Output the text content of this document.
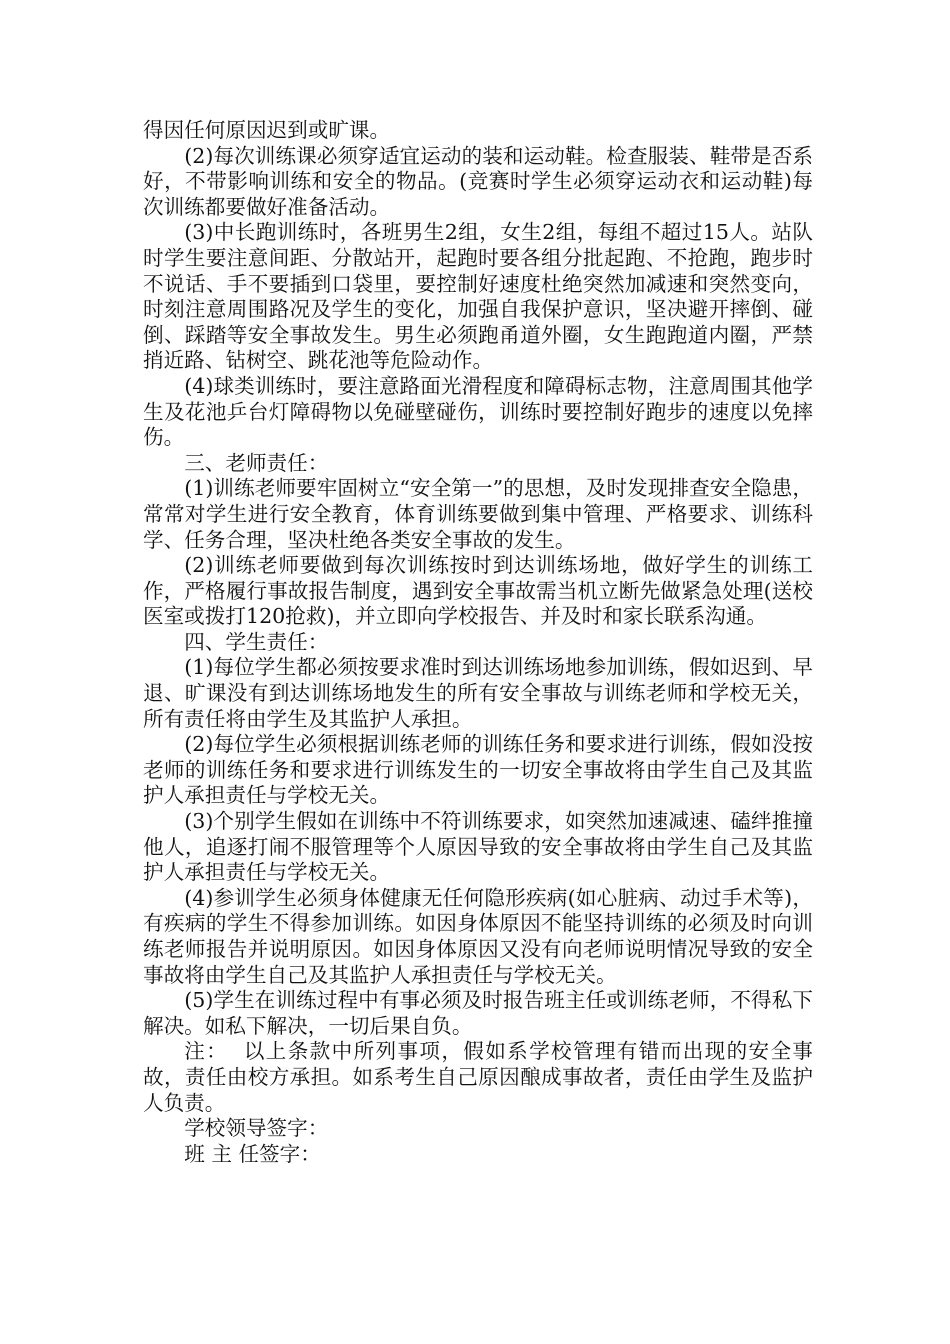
得因任何原因迟到或旷课。

(2)每次训练课必须穿适宜运动的装和运动鞋。检查服装、鞋带是否系好，不带影响训练和安全的物品。(竞赛时学生必须穿运动衣和运动鞋)每次训练都要做好准备活动。

(3)中长跑训练时，各班男生2组，女生2组，每组不超过15人。站队时学生要注意间距、分散站开，起跑时要各组分批起跑、不抢跑，跑步时不说话、手不要插到口袋里，要控制好速度杜绝突然加减速和突然变向，时刻注意周围路况及学生的变化，加强自我保护意识，坚决避开摔倒、碰倒、踩踏等安全事故发生。男生必须跑甬道外圈，女生跑跑道内圈，严禁捎近路、钻树空、跳花池等危险动作。

(4)球类训练时，要注意路面光滑程度和障碍标志物，注意周围其他学生及花池乒台灯障碍物以免碰壁碰伤，训练时要控制好跑步的速度以免摔伤。

三、老师责任：

(1)训练老师要牢固树立“安全第一”的思想，及时发现排查安全隐患，常常对学生进行安全教育，体育训练要做到集中管理、严格要求、训练科学、任务合理，坚决杜绝各类安全事故的发生。

(2)训练老师要做到每次训练按时到达训练场地，做好学生的训练工作，严格履行事故报告制度，遇到安全事故需当机立断先做紧急处理(送校医室或拨打120抢救)，并立即向学校报告、并及时和家长联系沟通。

四、学生责任：

(1)每位学生都必须按要求准时到达训练场地参加训练，假如迟到、早退、旷课没有到达训练场地发生的所有安全事故与训练老师和学校无关，所有责任将由学生及其监护人承担。

(2)每位学生必须根据训练老师的训练任务和要求进行训练，假如没按老师的训练任务和要求进行训练发生的一切安全事故将由学生自己及其监护人承担责任与学校无关。

(3)个别学生假如在训练中不符训练要求，如突然加速减速、磕绊推撞他人，追逐打闹不服管理等个人原因导致的安全事故将由学生自己及其监护人承担责任与学校无关。

(4)参训学生必须身体健康无任何隐形疾病(如心脏病、动过手术等)，有疾病的学生不得参加训练。如因身体原因不能坚持训练的必须及时向训练老师报告并说明原因。如因身体原因又没有向老师说明情况导致的安全事故将由学生自己及其监护人承担责任与学校无关。

(5)学生在训练过程中有事必须及时报告班主任或训练老师，不得私下解决。如私下解决，一切后果自负。

注：  以上条款中所列事项，假如系学校管理有错而出现的安全事故，责任由校方承担。如系考生自己原因酿成事故者，责任由学生及监护人负责。

学校领导签字：

班 主 任签字：
